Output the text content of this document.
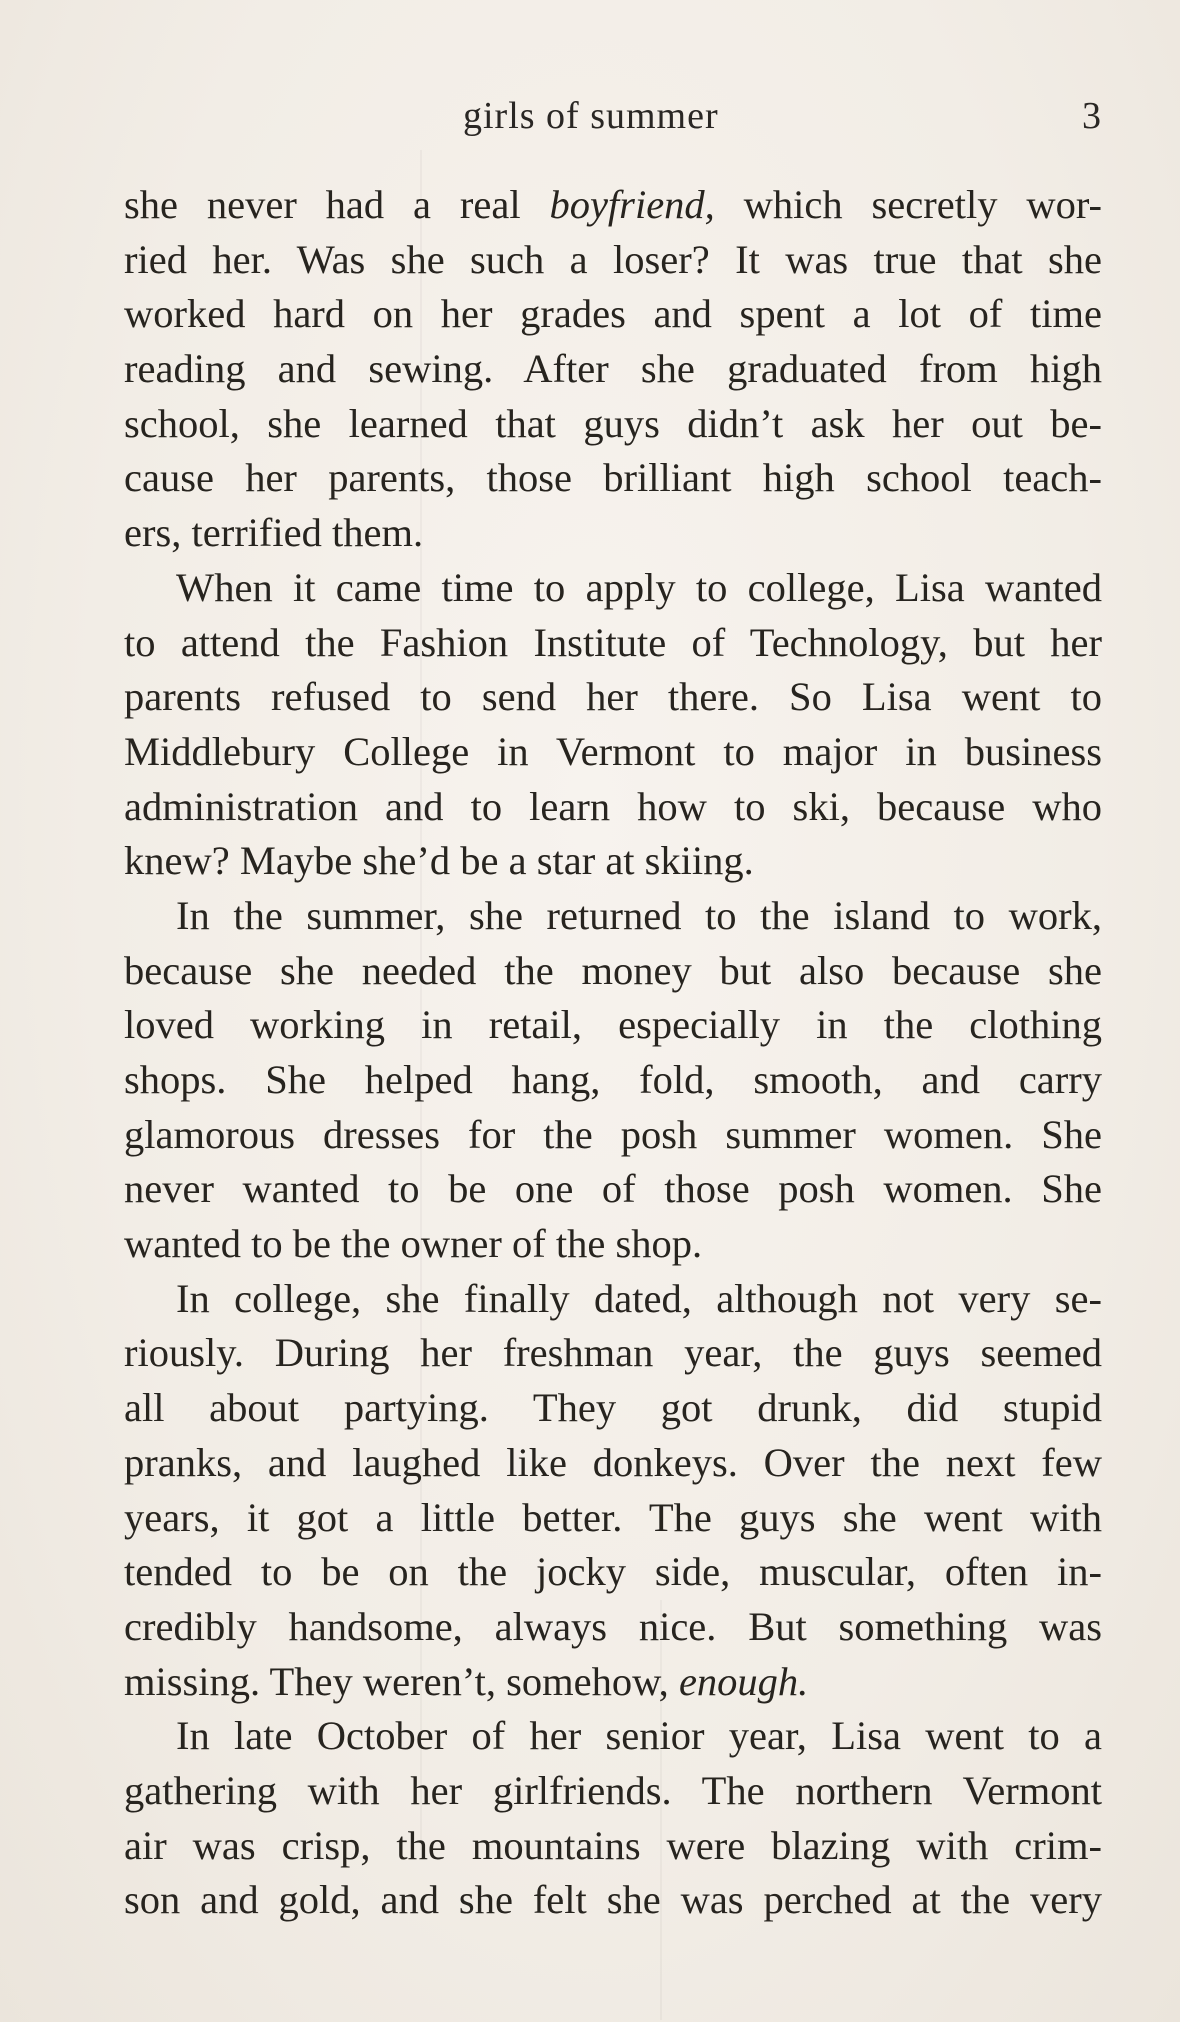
girls of summer	3
she never had a real boyfriend, which secretly wor-
ried her. Was she such a loser? It was true that she
worked hard on her grades and spent a lot of time
reading and sewing. After she graduated from high
school, she learned that guys didn’t ask her out be-
cause her parents, those brilliant high school teach-
ers, terrified them.
When it came time to apply to college, Lisa wanted
to attend the Fashion Institute of Technology, but her
parents refused to send her there. So Lisa went to
Middlebury College in Vermont to major in business
administration and to learn how to ski, because who
knew? Maybe she’d be a star at skiing.
In the summer, she returned to the island to work,
because she needed the money but also because she
loved working in retail, especially in the clothing
shops. She helped hang, fold, smooth, and carry
glamorous dresses for the posh summer women. She
never wanted to be one of those posh women. She
wanted to be the owner of the shop.
In college, she finally dated, although not very se-
riously. During her freshman year, the guys seemed
all about partying. They got drunk, did stupid
pranks, and laughed like donkeys. Over the next few
years, it got a little better. The guys she went with
tended to be on the jocky side, muscular, often in-
credibly handsome, always nice. But something was
missing. They weren’t, somehow, enough.
In late October of her senior year, Lisa went to a
gathering with her girlfriends. The northern Vermont
air was crisp, the mountains were blazing with crim-
son and gold, and she felt she was perched at the very
